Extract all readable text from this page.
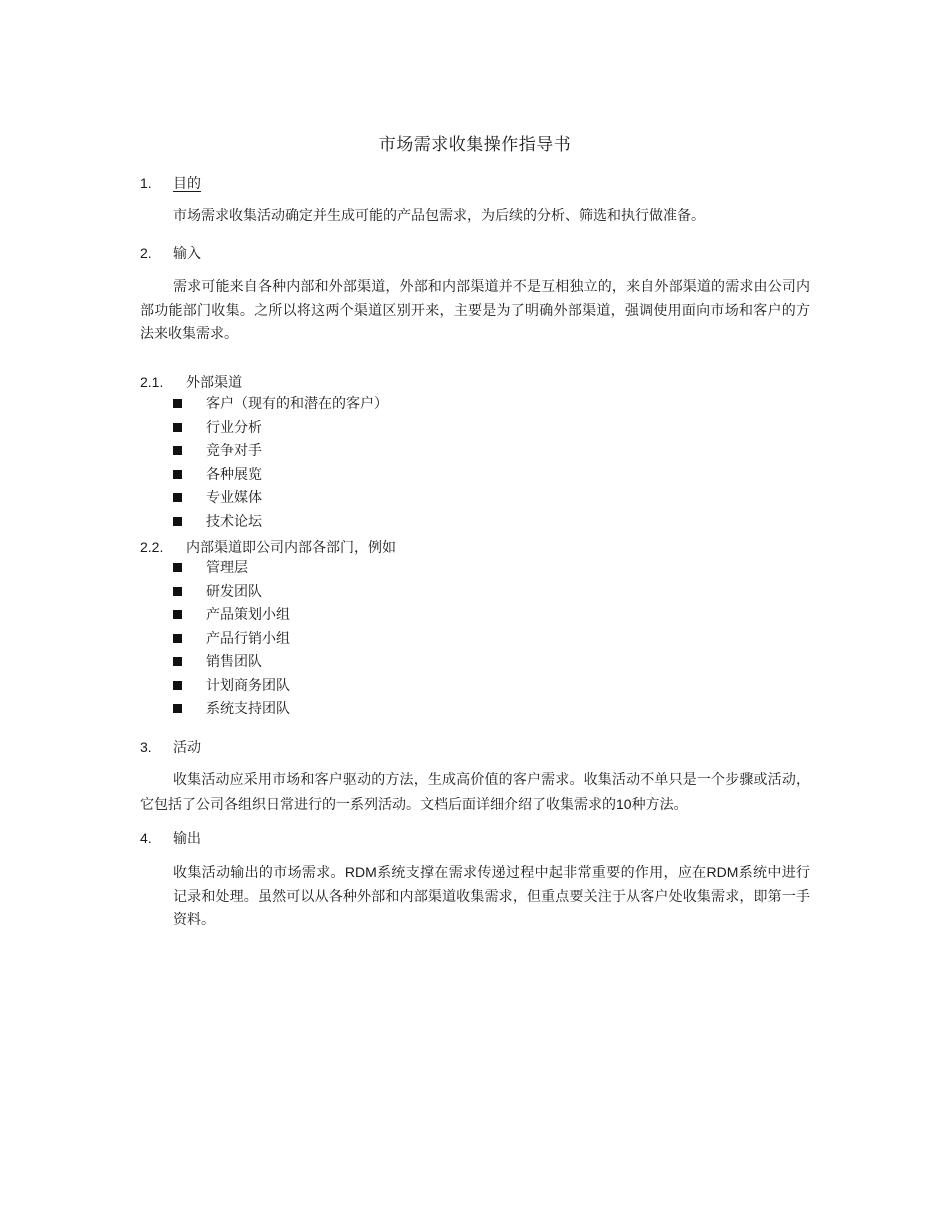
市场需求收集操作指导书
1. 目的
市场需求收集活动确定并生成可能的产品包需求，为后续的分析、筛选和执行做准备。
2. 输入
需求可能来自各种内部和外部渠道，外部和内部渠道并不是互相独立的，来自外部渠道的需求由公司内部功能部门收集。之所以将这两个渠道区别开来，主要是为了明确外部渠道，强调使用面向市场和客户的方法来收集需求。
2.1. 外部渠道
客户（现有的和潜在的客户）
行业分析
竞争对手
各种展览
专业媒体
技术论坛
2.2. 内部渠道即公司内部各部门，例如
管理层
研发团队
产品策划小组
产品行销小组
销售团队
计划商务团队
系统支持团队
3. 活动
收集活动应采用市场和客户驱动的方法，生成高价值的客户需求。收集活动不单只是一个步骤或活动，它包括了公司各组织日常进行的一系列活动。文档后面详细介绍了收集需求的10种方法。
4. 输出
收集活动输出的市场需求。RDM系统支撑在需求传递过程中起非常重要的作用，应在RDM系统中进行记录和处理。虽然可以从各种外部和内部渠道收集需求，但重点要关注于从客户处收集需求，即第一手资料。
